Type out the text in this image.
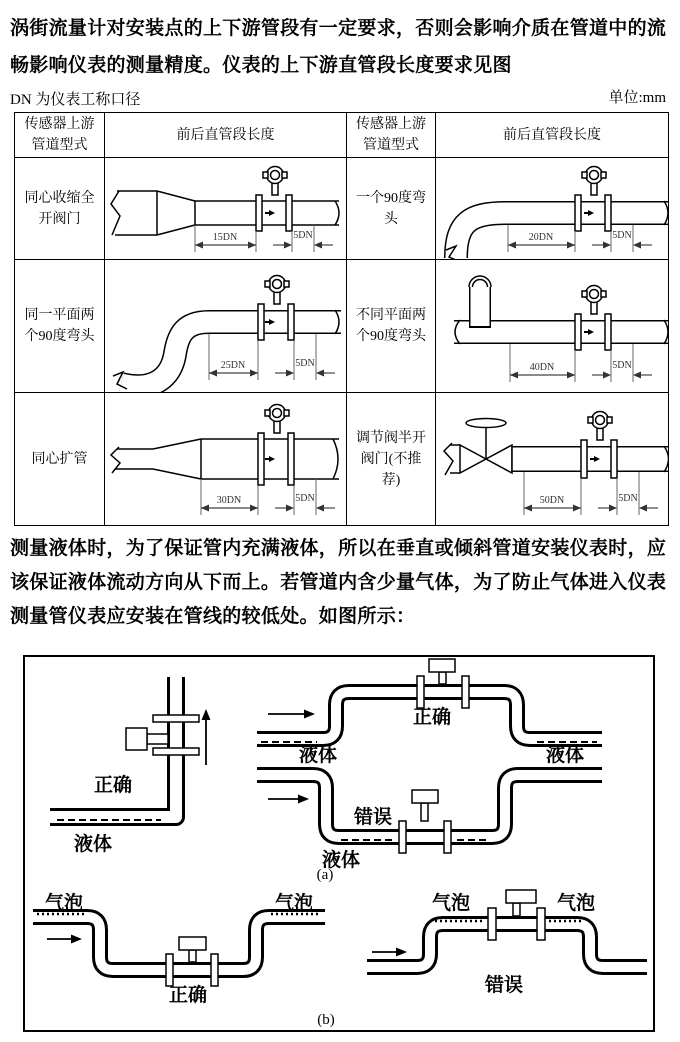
涡街流量计对安装点的上下游管段有一定要求，否则会影响介质在管道中的流畅影响仪表的测量精度。仪表的上下游直管段长度要求见图
DN 为仪表工称口径	单位:mm
传感器上游管道型式	前后直管段长度	传感器上游管道型式	前后直管段长度
同心收缩全开阀门	15DN 5DN	一个90度弯头	20DN 5DN

同一平面两个90度弯头	25DN 5DN	不同平面两个90度弯头	40DN 5DN

同心扩管	30DN 5DN	调节阀半开阀门(不推荐)	50DN 5DN
测量液体时，为了保证管内充满液体，所以在垂直或倾斜管道安装仪表时，应该保证液体流动方向从下而上。若管道内含少量气体，为了防止气体进入仪表测量管仪表应安装在管线的较低处。如图所示：
正确
液体
正确
液体	液体
错误
液体
(a)
气泡	气泡
正确
气泡	气泡
错误
(b)
